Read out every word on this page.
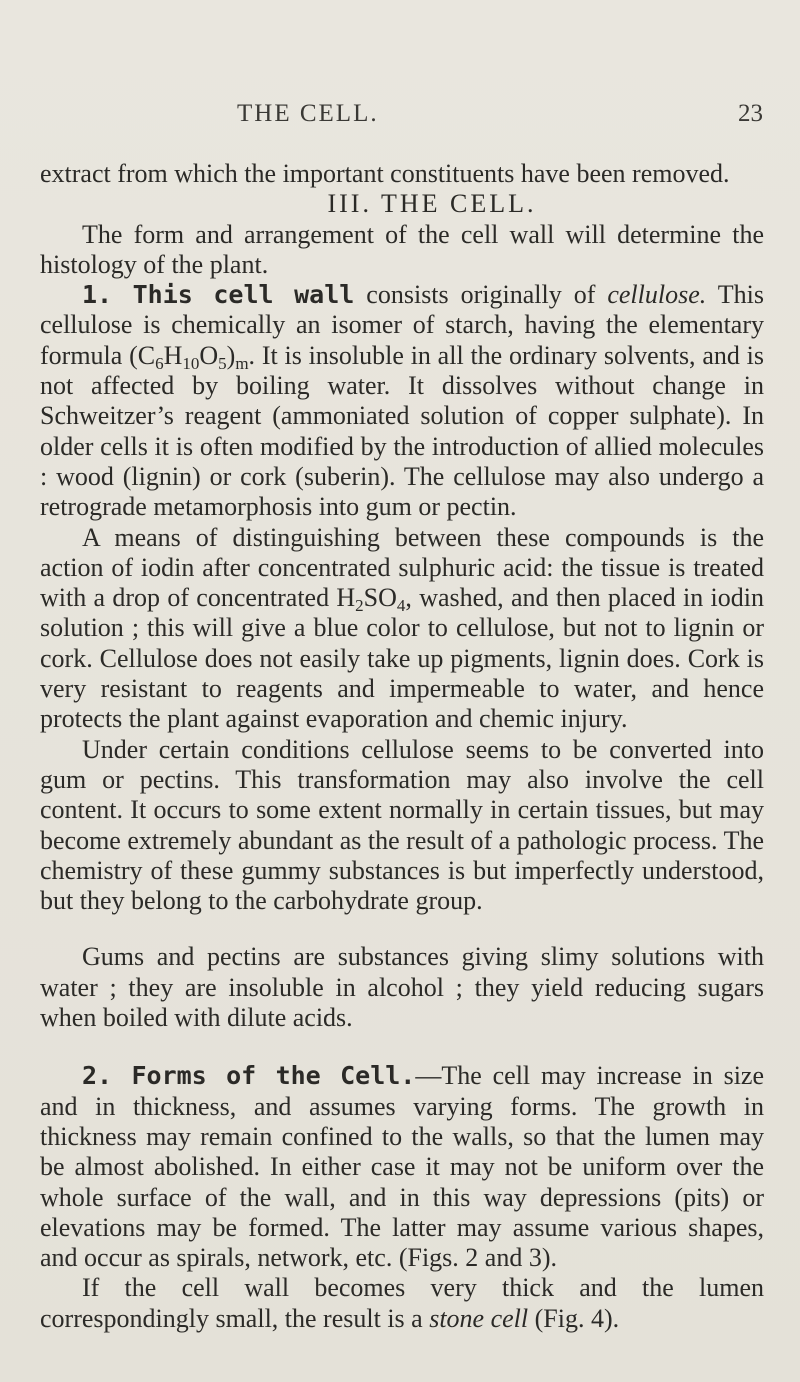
THE CELL.	23

extract from which the important constituents have been removed.

III. THE CELL.

The form and arrangement of the cell wall will determine the histology of the plant.

1. This cell wall consists originally of cellulose. This cellulose is chemically an isomer of starch, having the elementary formula $(C_6H_{10}O_5)_m$. It is insoluble in all the ordinary solvents, and is not affected by boiling water. It dissolves without change in Schweitzer’s reagent (ammoniated solution of copper sulphate). In older cells it is often modified by the introduction of allied molecules : wood (lignin) or cork (suberin). The cellulose may also undergo a retrograde metamorphosis into gum or pectin.

A means of distinguishing between these compounds is the action of iodin after concentrated sulphuric acid: the tissue is treated with a drop of concentrated $H_2SO_4$, washed, and then placed in iodin solution ; this will give a blue color to cellulose, but not to lignin or cork. Cellulose does not easily take up pigments, lignin does. Cork is very resistant to reagents and impermeable to water, and hence protects the plant against evaporation and chemic injury.

Under certain conditions cellulose seems to be converted into gum or pectins. This transformation may also involve the cell content. It occurs to some extent normally in certain tissues, but may become extremely abundant as the result of a pathologic process. The chemistry of these gummy substances is but imperfectly understood, but they belong to the carbohydrate group.

Gums and pectins are substances giving slimy solutions with water ; they are insoluble in alcohol ; they yield reducing sugars when boiled with dilute acids.

2. Forms of the Cell.—The cell may increase in size and in thickness, and assumes varying forms. The growth in thickness may remain confined to the walls, so that the lumen may be almost abolished. In either case it may not be uniform over the whole surface of the wall, and in this way depressions (pits) or elevations may be formed. The latter may assume various shapes, and occur as spirals, network, etc. (Figs. 2 and 3).

If the cell wall becomes very thick and the lumen correspondingly small, the result is a stone cell (Fig. 4).
